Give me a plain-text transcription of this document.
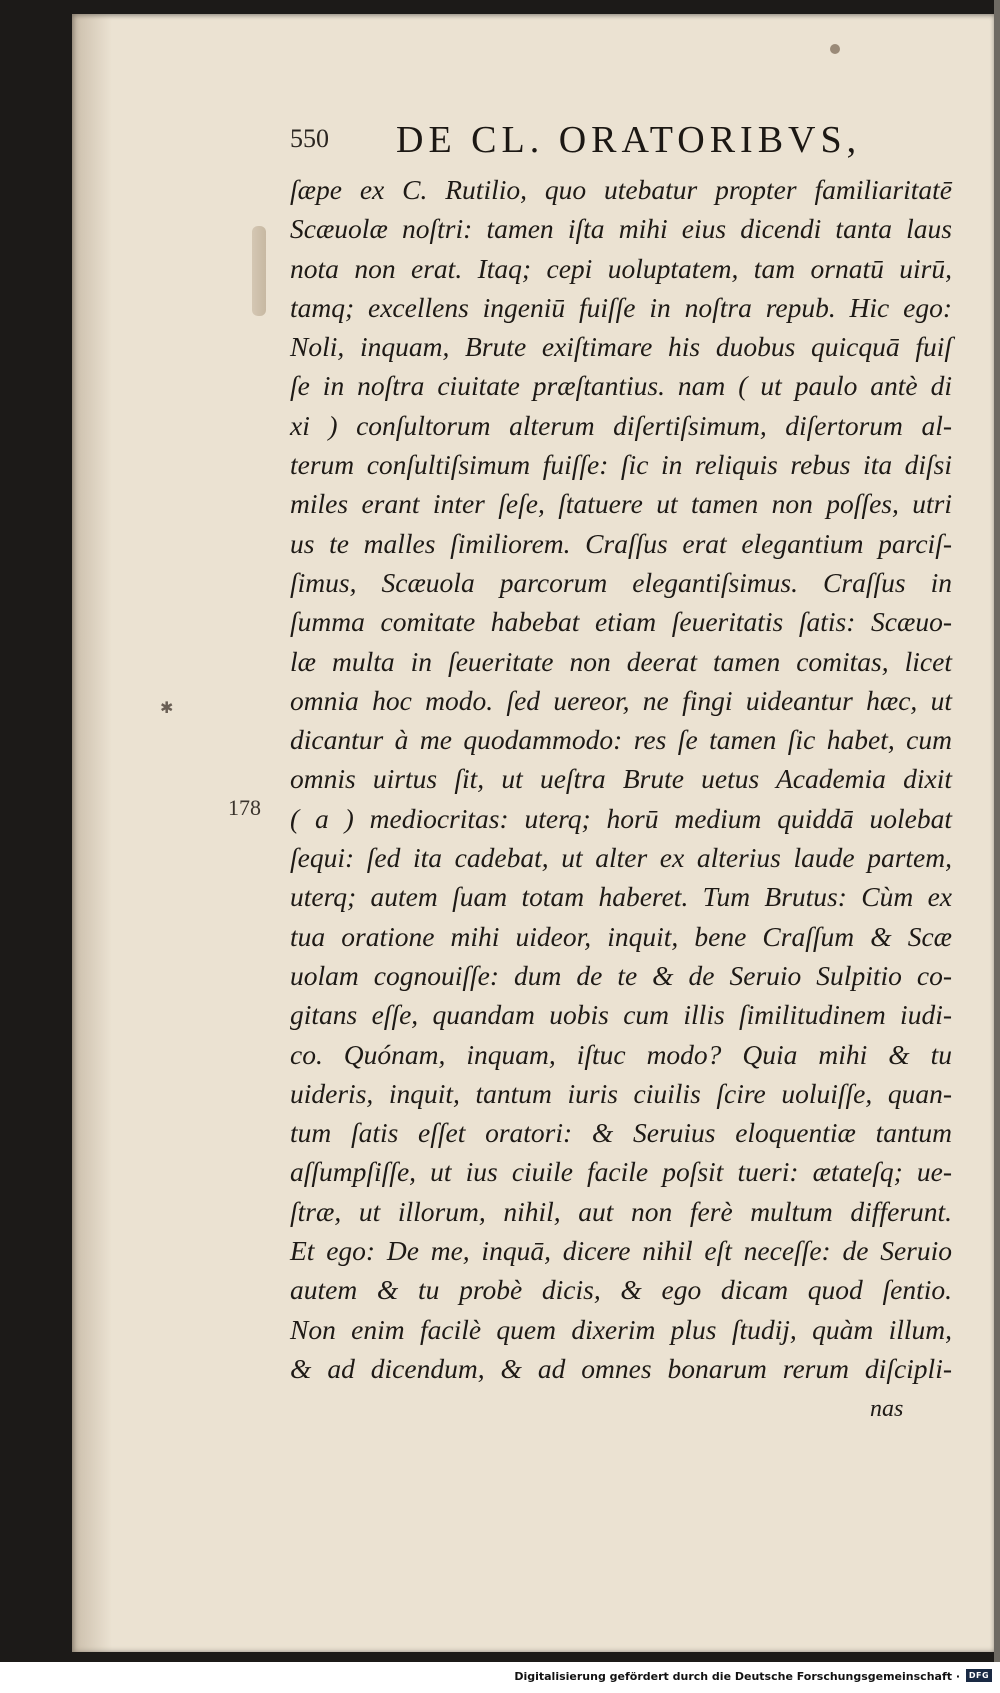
✱
550 DE CL. ORATORIBVS,
ſæpe ex C. Rutilio, quo utebatur propter familiaritatē
Scæuolæ noſtri: tamen iſta mihi eius dicendi tanta laus
nota non erat. Itaq; cepi uoluptatem, tam ornatū uirū,
tamq; excellens ingeniū fuiſſe in noſtra repub. Hic ego:
Noli, inquam, Brute exiſtimare his duobus quicquā fuiſ
ſe in noſtra ciuitate præſtantius. nam ( ut paulo antè di
xi ) conſultorum alterum diſertiſsimum, diſertorum al-
terum conſultiſsimum fuiſſe: ſic in reliquis rebus ita diſsi
miles erant inter ſeſe, ſtatuere ut tamen non poſſes, utri
us te malles ſimiliorem. Craſſus erat elegantium parciſ-
ſimus, Scæuola parcorum elegantiſsimus. Craſſus in
ſumma comitate habebat etiam ſeueritatis ſatis: Scæuo-
læ multa in ſeueritate non deerat tamen comitas, licet
omnia hoc modo. ſed uereor, ne fingi uideantur hæc, ut
dicantur à me quodammodo: res ſe tamen ſic habet, cum
omnis uirtus ſit, ut ueſtra Brute uetus Academia dixit
( a ) mediocritas: uterq; horū medium quiddā uolebat
ſequi: ſed ita cadebat, ut alter ex alterius laude partem,
uterq; autem ſuam totam haberet. Tum Brutus: Cùm ex
tua oratione mihi uideor, inquit, bene Craſſum & Scæ
uolam cognouiſſe: dum de te & de Seruio Sulpitio co-
gitans eſſe, quandam uobis cum illis ſimilitudinem iudi-
co. Quónam, inquam, iſtuc modo? Quia mihi & tu
uideris, inquit, tantum iuris ciuilis ſcire uoluiſſe, quan-
tum ſatis eſſet oratori: & Seruius eloquentiæ tantum
aſſumpſiſſe, ut ius ciuile facile poſsit tueri: ætateſq; ue-
ſtræ, ut illorum, nihil, aut non ferè multum differunt.
Et ego: De me, inquā, dicere nihil eſt neceſſe: de Seruio
autem & tu probè dicis, & ego dicam quod ſentio.
Non enim facilè quem dixerim plus ſtudij, quàm illum,
& ad dicendum, & ad omnes bonarum rerum diſcipli-
178
nas
Digitalisierung gefördert durch die Deutsche Forschungsgemeinschaft ·	DFG
